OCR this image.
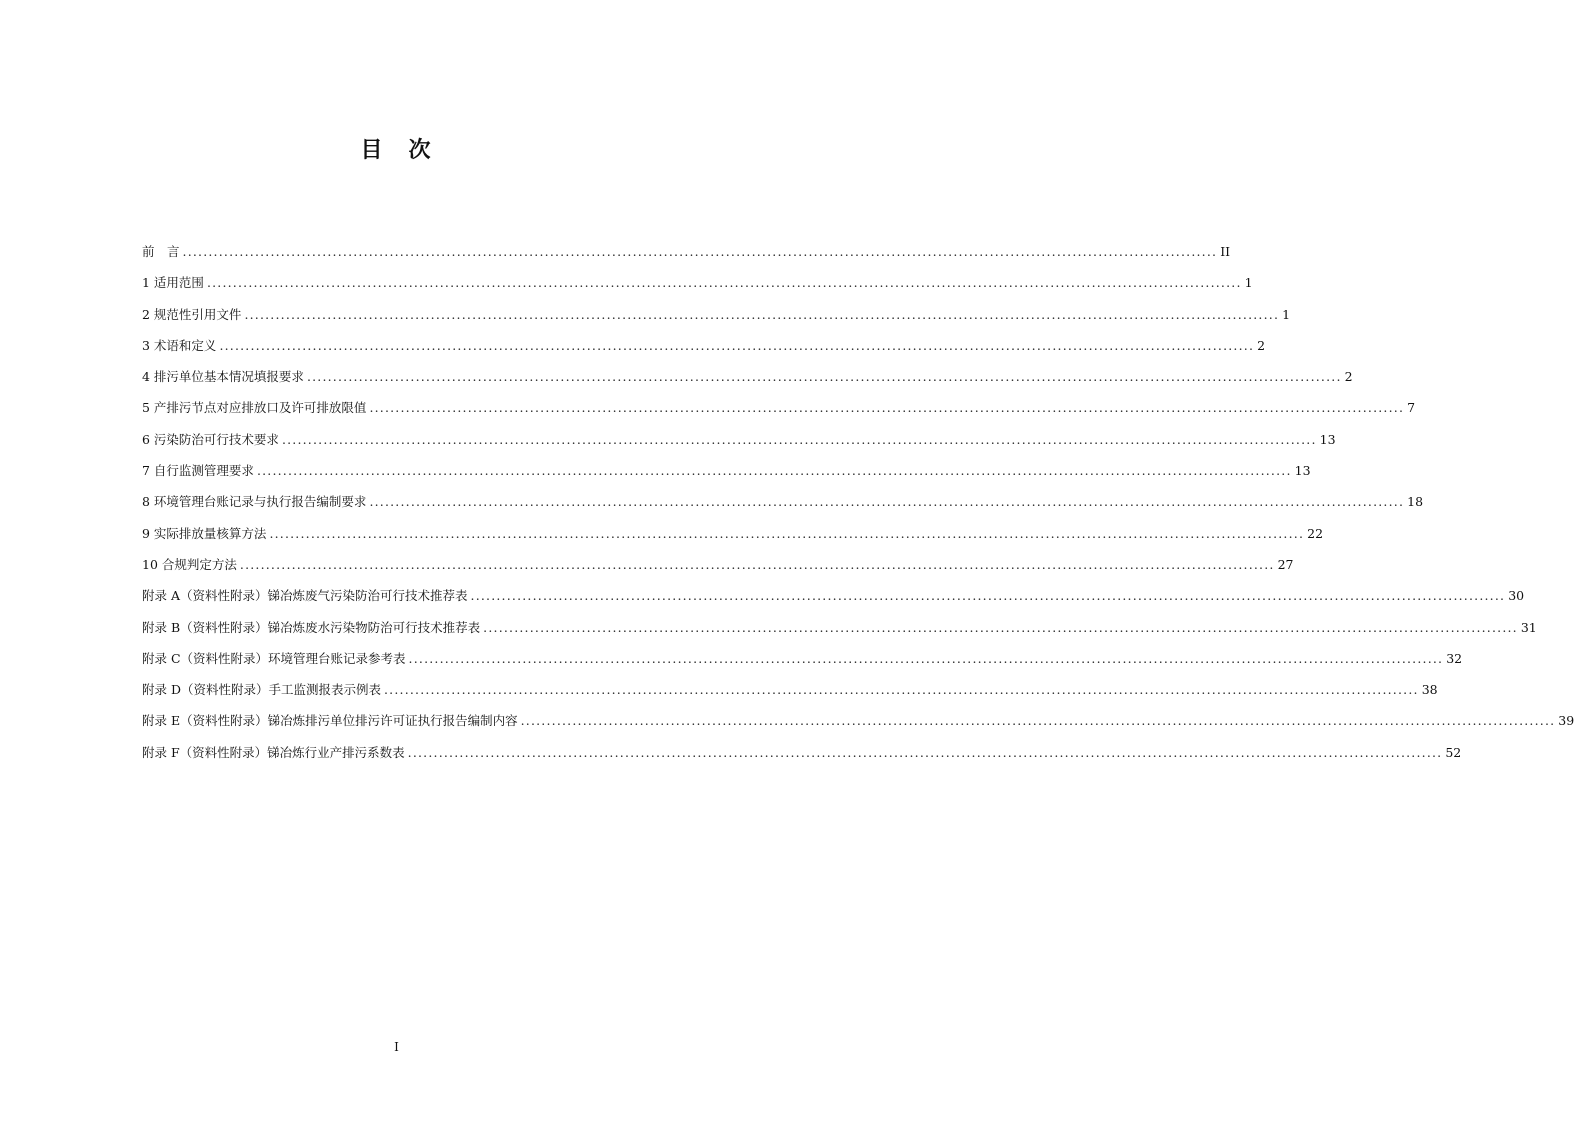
目　次
前　言 ........................................................................................................................................................................................................ II
1 适用范围 ........................................................................................................................................................................................................ 1
2 规范性引用文件 ........................................................................................................................................................................................................ 1
3 术语和定义 ........................................................................................................................................................................................................ 2
4 排污单位基本情况填报要求 ........................................................................................................................................................................................................ 2
5 产排污节点对应排放口及许可排放限值 ........................................................................................................................................................................................................ 7
6 污染防治可行技术要求 ........................................................................................................................................................................................................ 13
7 自行监测管理要求 ........................................................................................................................................................................................................ 13
8 环境管理台账记录与执行报告编制要求 ........................................................................................................................................................................................................ 18
9 实际排放量核算方法 ........................................................................................................................................................................................................ 22
10 合规判定方法 ........................................................................................................................................................................................................ 27
附录 A（资料性附录）锑冶炼废气污染防治可行技术推荐表 ........................................................................................................................................................................................................ 30
附录 B（资料性附录）锑冶炼废水污染物防治可行技术推荐表 ........................................................................................................................................................................................................ 31
附录 C（资料性附录）环境管理台账记录参考表 ........................................................................................................................................................................................................ 32
附录 D（资料性附录）手工监测报表示例表 ........................................................................................................................................................................................................ 38
附录 E（资料性附录）锑冶炼排污单位排污许可证执行报告编制内容 ........................................................................................................................................................................................................ 39
附录 F（资料性附录）锑冶炼行业产排污系数表 ........................................................................................................................................................................................................ 52
I
